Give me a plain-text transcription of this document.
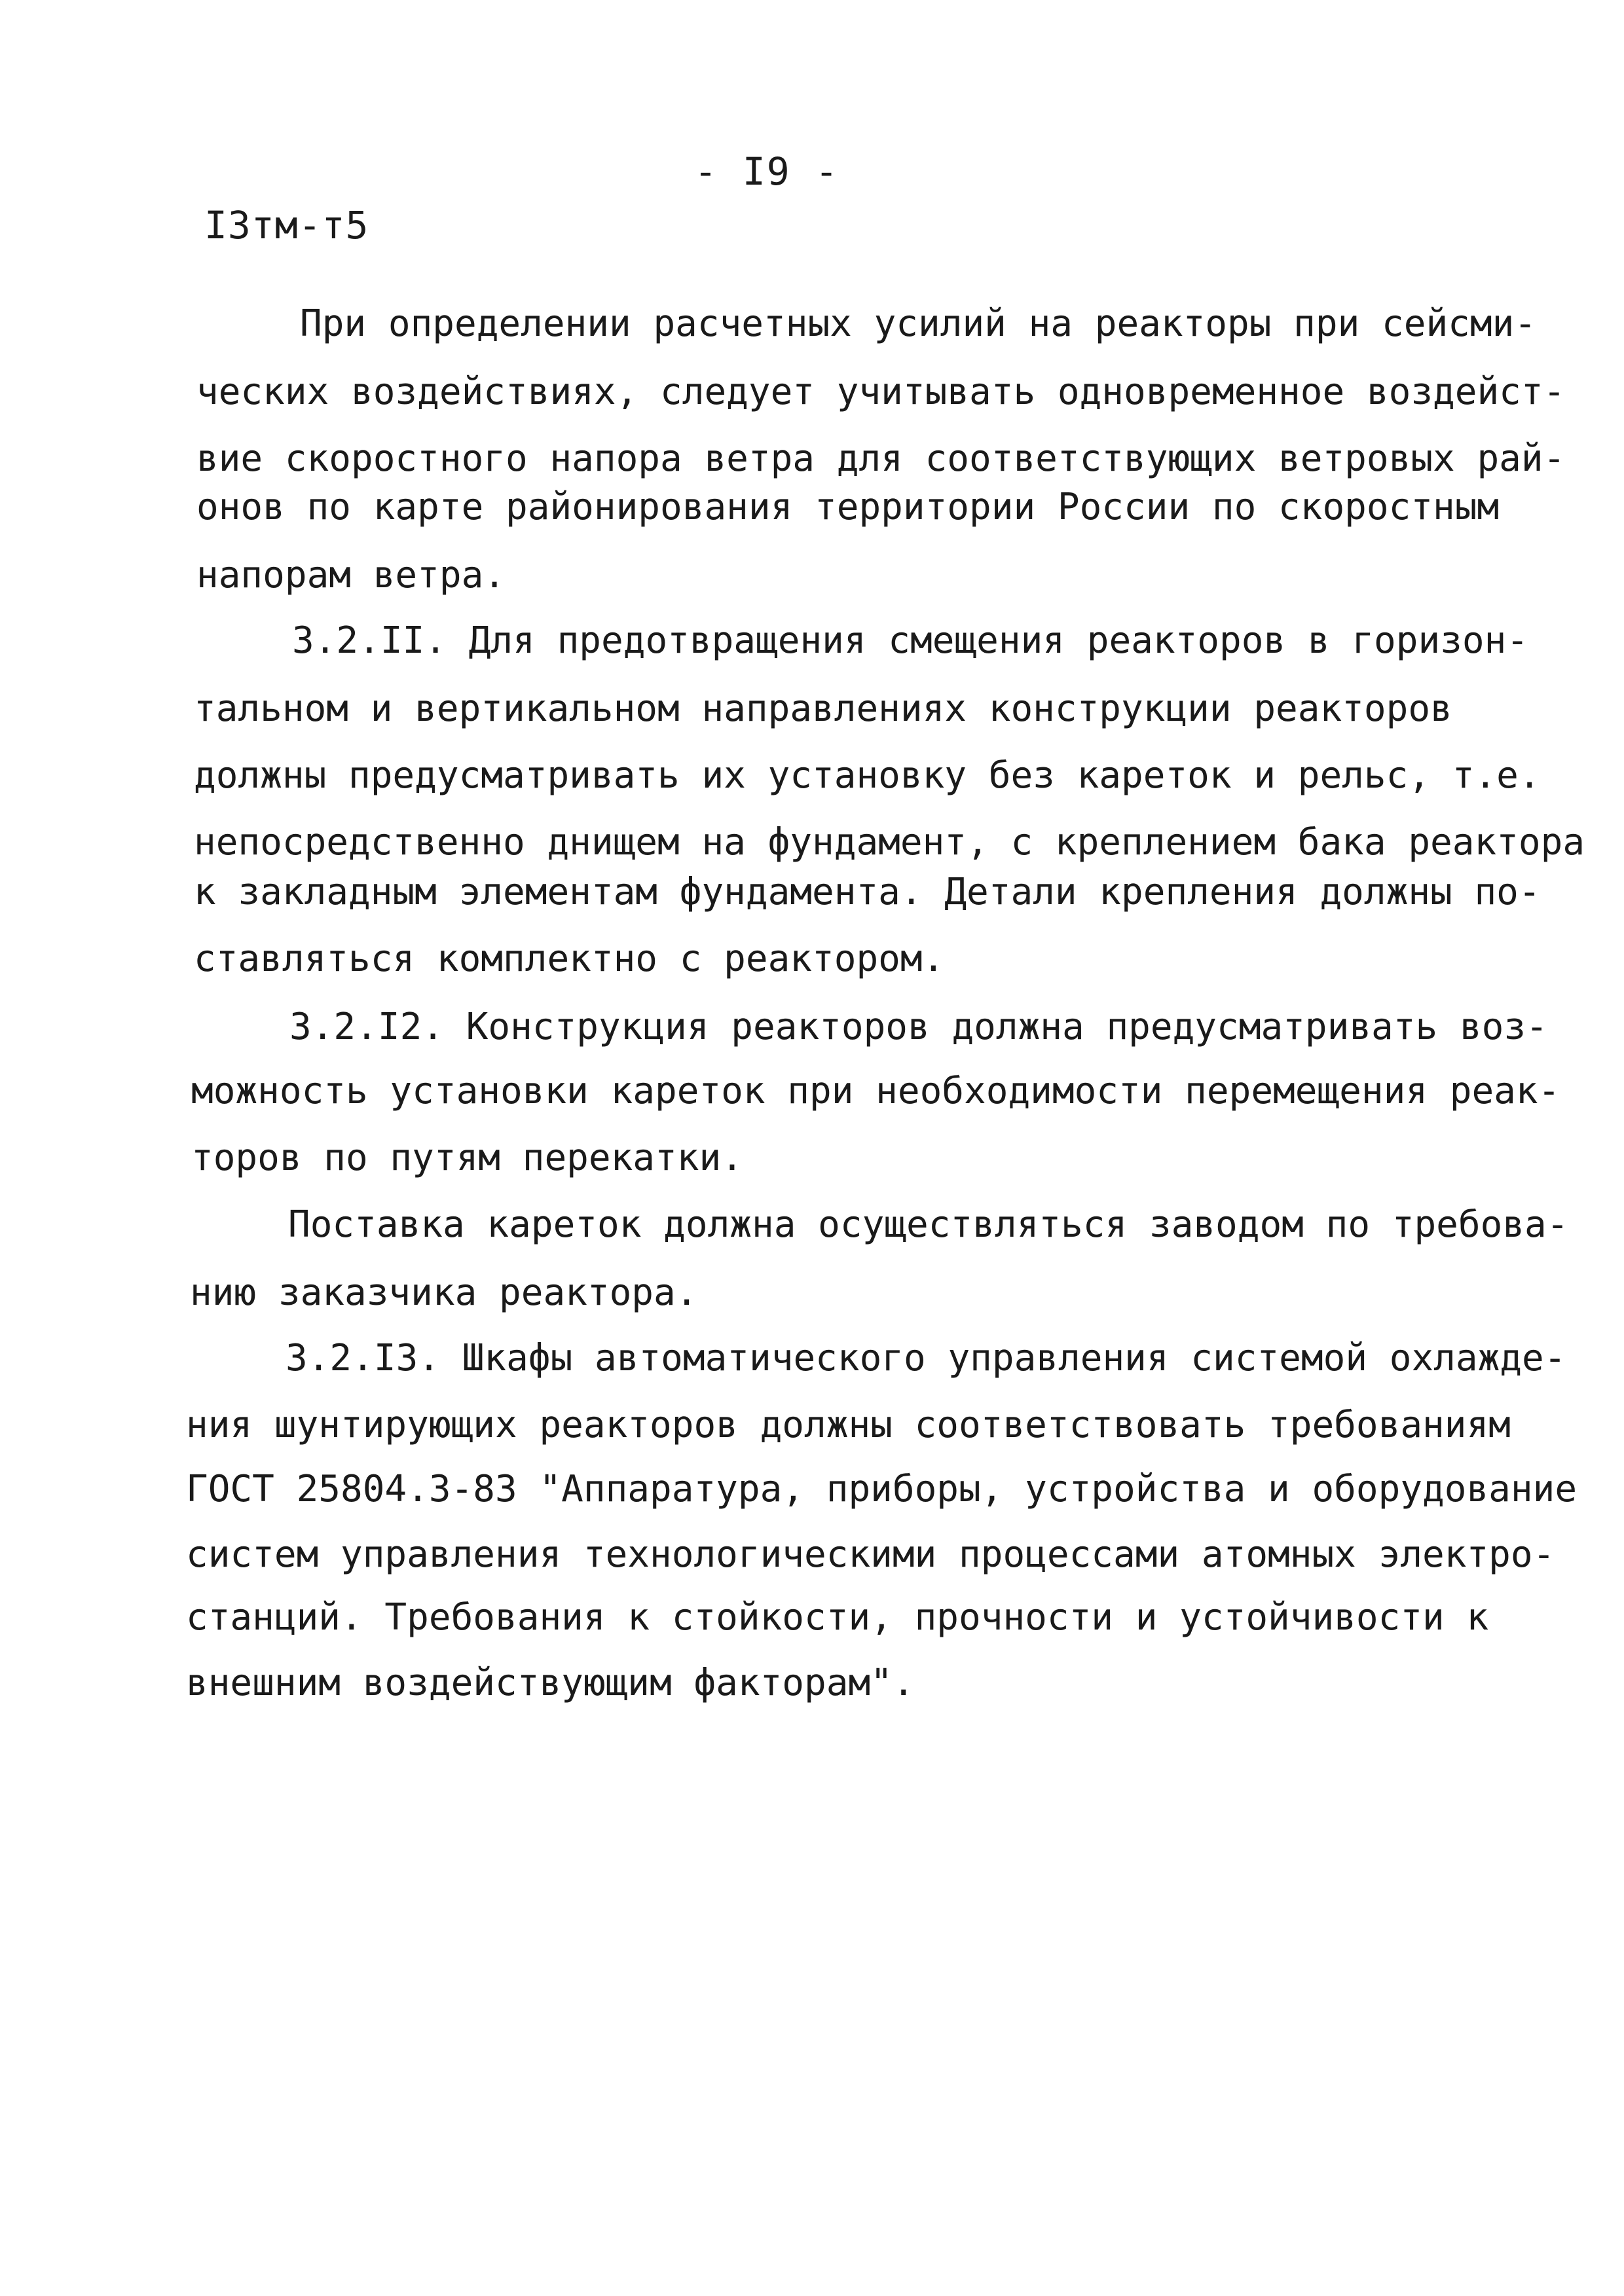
- I9 -
I3тм-т5
При определении расчетных усилий на реакторы при сейсми-
ческих воздействиях, следует учитывать одновременное воздейст-
вие скоростного напора ветра для соответствующих ветровых рай-
онов по карте районирования территории России по скоростным
напорам ветра.
3.2.II. Для предотвращения смещения реакторов в горизон-
тальном и вертикальном направлениях конструкции реакторов
должны предусматривать их установку без кареток и рельс, т.е.
непосредственно днищем на фундамент, с креплением бака реактора
к закладным элементам фундамента. Детали крепления должны по-
ставляться комплектно с реактором.
3.2.I2. Конструкция реакторов должна предусматривать воз-
можность установки кареток при необходимости перемещения реак-
торов по путям перекатки.
Поставка кареток должна осуществляться заводом по требова-
нию заказчика реактора.
3.2.I3. Шкафы автоматического управления системой охлажде-
ния шунтирующих реакторов должны соответствовать требованиям
ГОСТ 25804.3-83 "Аппаратура, приборы, устройства и оборудование
систем управления технологическими процессами атомных электро-
станций. Требования к стойкости, прочности и устойчивости к
внешним воздействующим факторам".
